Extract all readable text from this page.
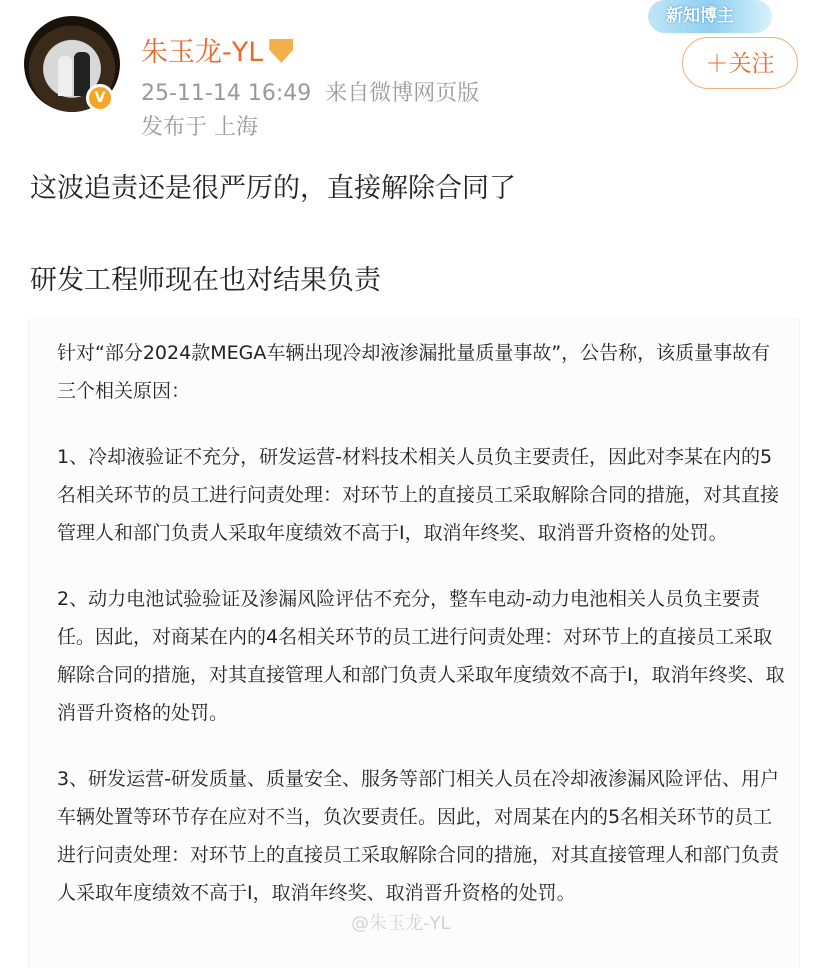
V
朱玉龙-YL
25-11-14 16:49 来自微博网页版
发布于 上海
新知博主
＋关注
这波追责还是很严厉的，直接解除合同了
研发工程师现在也对结果负责
针对“部分2024款MEGA车辆出现冷却液渗漏批量质量事故”，公告称，该质量事故有三个相关原因：
1、冷却液验证不充分，研发运营-材料技术相关人员负主要责任，因此对李某在内的5名相关环节的员工进行问责处理：对环节上的直接员工采取解除合同的措施，对其直接管理人和部门负责人采取年度绩效不高于I，取消年终奖、取消晋升资格的处罚。
2、动力电池试验验证及渗漏风险评估不充分，整车电动-动力电池相关人员负主要责任。因此，对商某在内的4名相关环节的员工进行问责处理：对环节上的直接员工采取解除合同的措施，对其直接管理人和部门负责人采取年度绩效不高于I，取消年终奖、取消晋升资格的处罚。
3、研发运营-研发质量、质量安全、服务等部门相关人员在冷却液渗漏风险评估、用户车辆处置等环节存在应对不当，负次要责任。因此，对周某在内的5名相关环节的员工进行问责处理：对环节上的直接员工采取解除合同的措施，对其直接管理人和部门负责人采取年度绩效不高于I，取消年终奖、取消晋升资格的处罚。
@朱玉龙-YL
